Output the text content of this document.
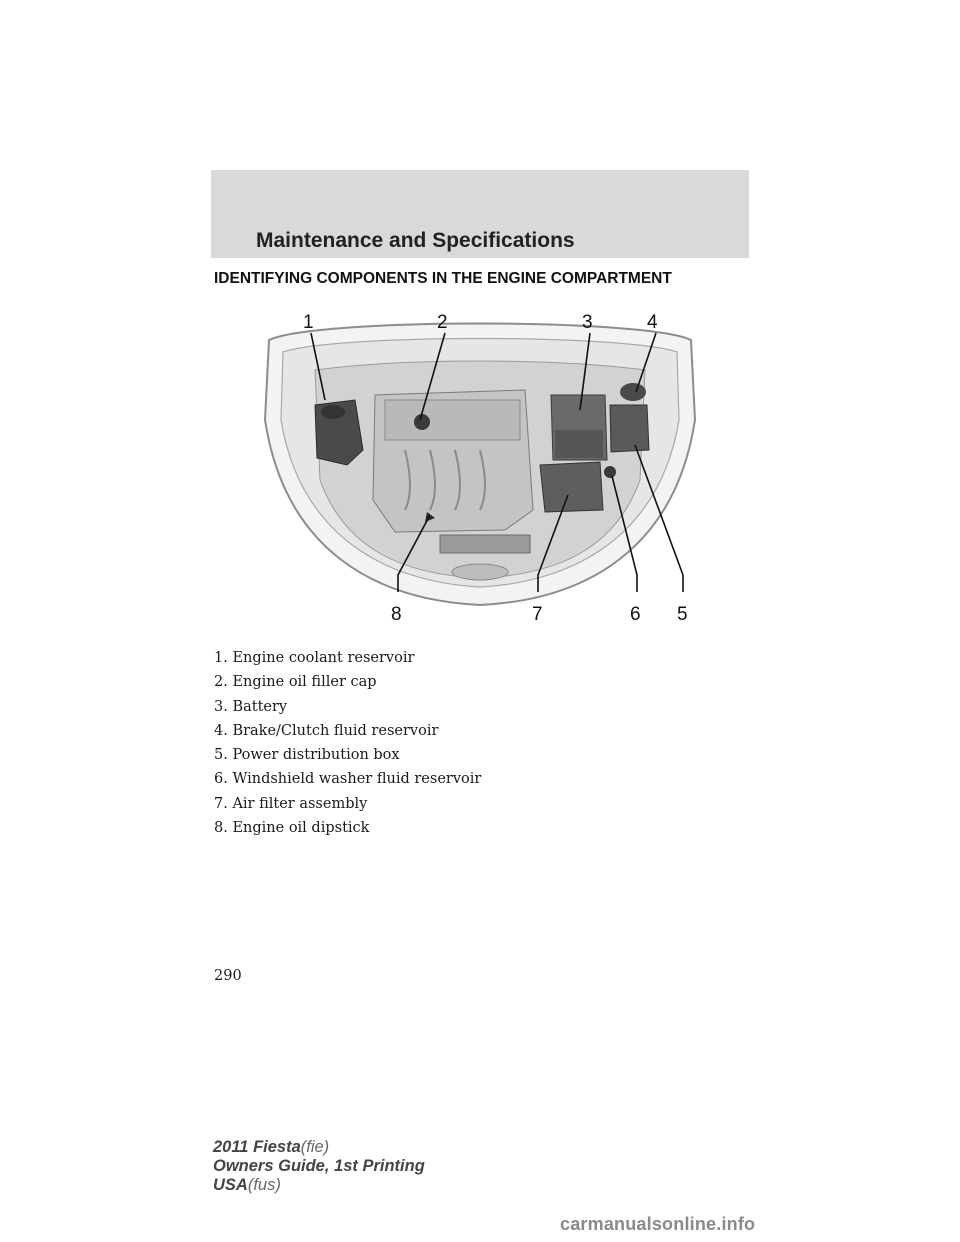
Maintenance and Specifications
IDENTIFYING COMPONENTS IN THE ENGINE COMPARTMENT
1	2	3	4
5
6
7
8
1. Engine coolant reservoir
2. Engine oil filler cap
3. Battery
4. Brake/Clutch fluid reservoir
5. Power distribution box
6. Windshield washer fluid reservoir
7. Air filter assembly
8. Engine oil dipstick
290
2011 Fiesta(fie)
Owners Guide, 1st Printing
USA(fus)
carmanualsonline.info
